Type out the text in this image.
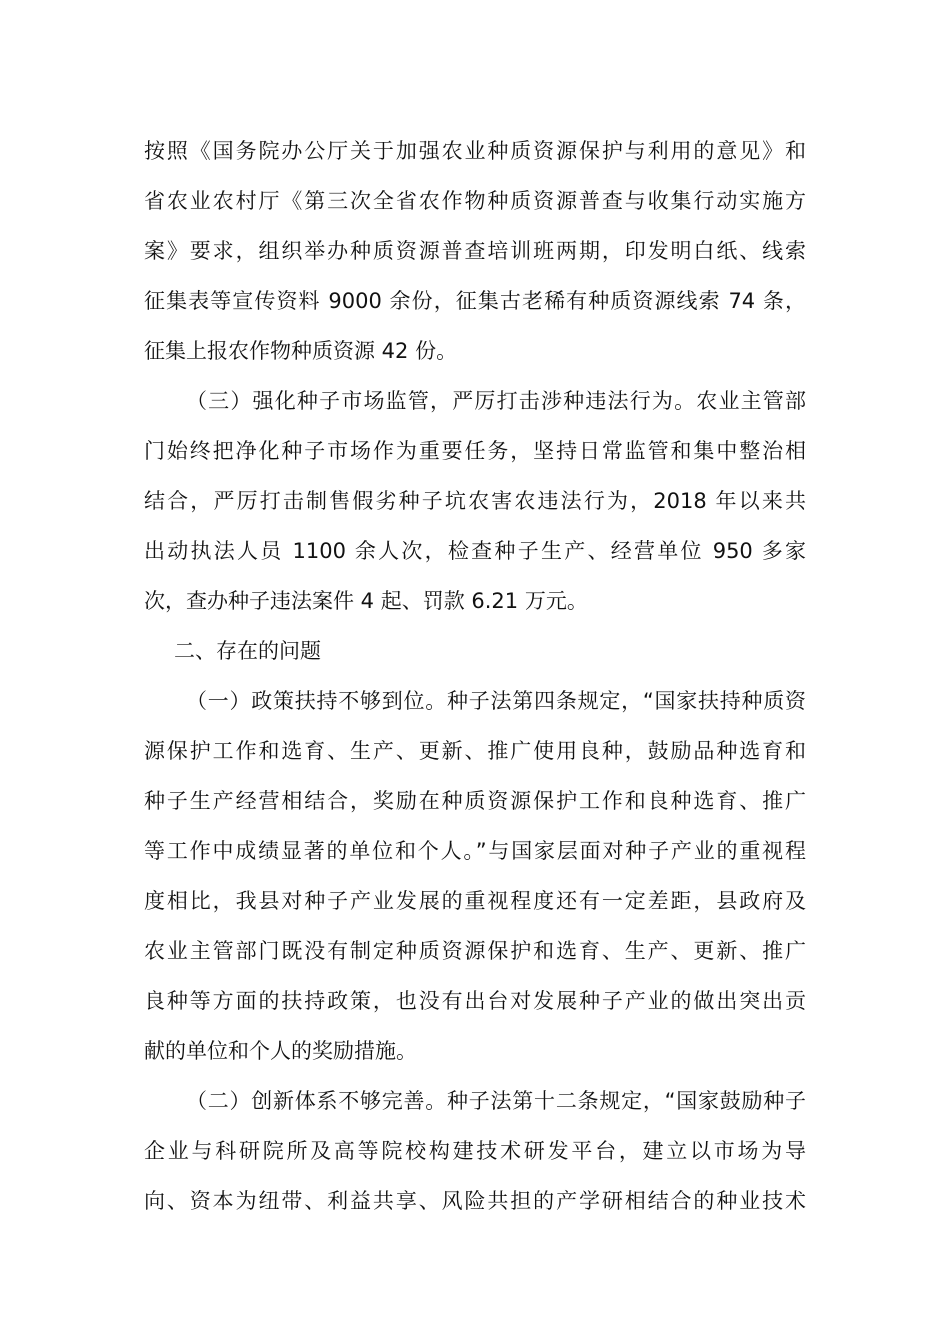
按照《国务院办公厅关于加强农业种质资源保护与利用的意见》和
省农业农村厅《第三次全省农作物种质资源普查与收集行动实施方
案》要求，组织举办种质资源普查培训班两期，印发明白纸、线索
征集表等宣传资料 9000 余份，征集古老稀有种质资源线索 74 条，
征集上报农作物种质资源 42 份。
（三）强化种子市场监管，严厉打击涉种违法行为。农业主管部
门始终把净化种子市场作为重要任务，坚持日常监管和集中整治相
结合，严厉打击制售假劣种子坑农害农违法行为，2018 年以来共
出动执法人员 1100 余人次，检查种子生产、经营单位 950 多家
次，查办种子违法案件 4 起、罚款 6.21 万元。
二、存在的问题
（一）政策扶持不够到位。种子法第四条规定，“国家扶持种质资
源保护工作和选育、生产、更新、推广使用良种，鼓励品种选育和
种子生产经营相结合，奖励在种质资源保护工作和良种选育、推广
等工作中成绩显著的单位和个人。”与国家层面对种子产业的重视程
度相比，我县对种子产业发展的重视程度还有一定差距，县政府及
农业主管部门既没有制定种质资源保护和选育、生产、更新、推广
良种等方面的扶持政策，也没有出台对发展种子产业的做出突出贡
献的单位和个人的奖励措施。
（二）创新体系不够完善。种子法第十二条规定，“国家鼓励种子
企业与科研院所及高等院校构建技术研发平台，建立以市场为导
向、资本为纽带、利益共享、风险共担的产学研相结合的种业技术
